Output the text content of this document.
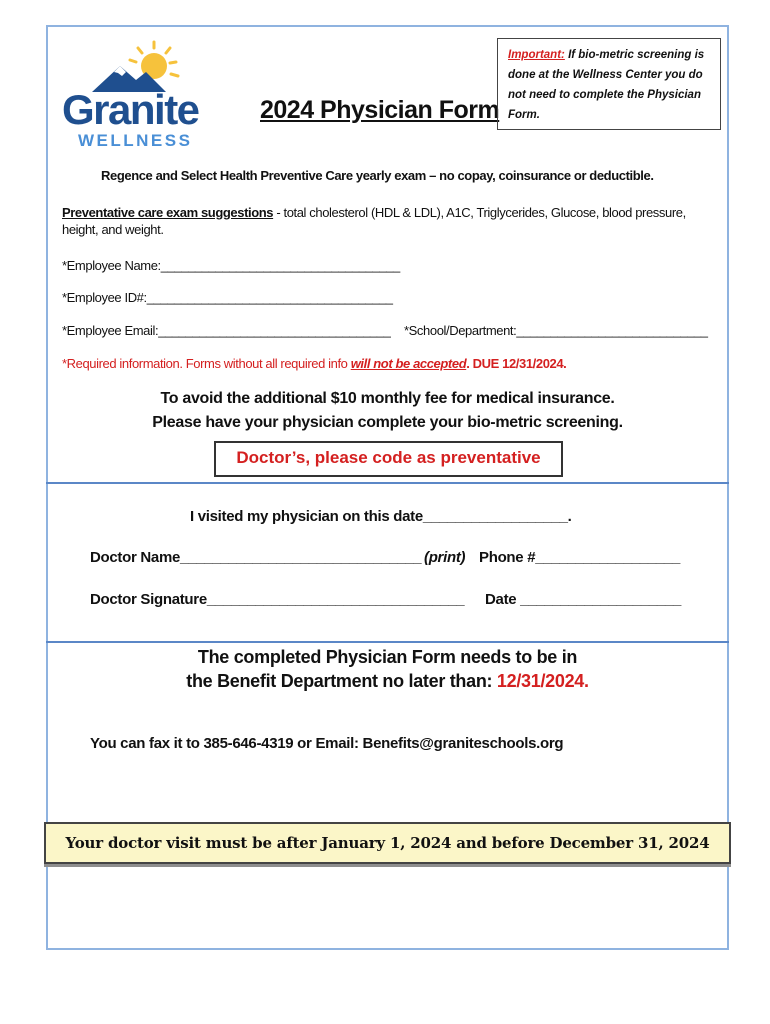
Granite
WELLNESS
2024 Physician Form
Important: If bio-metric screening is done at the Wellness Center you do not need to complete the Physician Form.
Regence and Select Health Preventive Care yearly exam – no copay, coinsurance or deductible.
Preventative care exam suggestions - total cholesterol (HDL & LDL), A1C, Triglycerides, Glucose, blood pressure,
height, and weight.
*Employee Name:___________________________________
*Employee ID#:____________________________________
*Employee Email:__________________________________ *School/Department:____________________________
*Required information. Forms without all required info will not be accepted. DUE 12/31/2024.
To avoid the additional $10 monthly fee for medical insurance.
Please have your physician complete your bio-metric screening.
Doctor’s, please code as preventative
I visited my physician on this date__________________.
Doctor Name______________________________ (print) Phone #__________________
Doctor Signature________________________________ Date ____________________
The completed Physician Form needs to be in
the Benefit Department no later than: 12/31/2024.
You can fax it to 385-646-4319 or Email: Benefits@graniteschools.org
Your doctor visit must be after January 1, 2024 and before December 31, 2024
